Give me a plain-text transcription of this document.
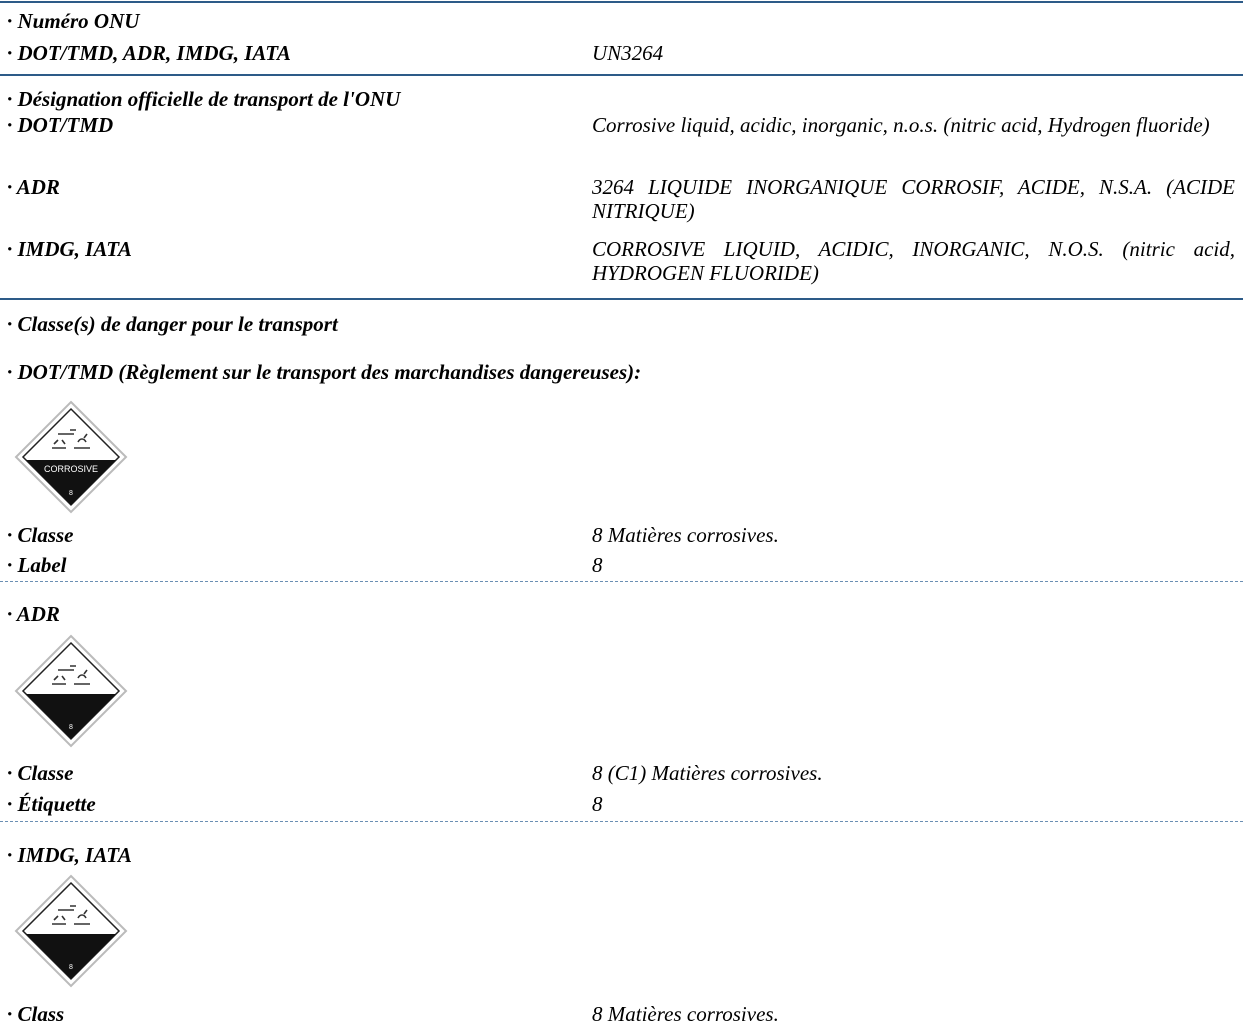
· Numéro ONU
· DOT/TMD, ADR, IMDG, IATA	UN3264
· Désignation officielle de transport de l'ONU
· DOT/TMD	Corrosive liquid, acidic, inorganic, n.o.s. (nitric acid, Hydrogen fluoride)
· ADR	3264 LIQUIDE INORGANIQUE CORROSIF, ACIDE, N.S.A. (ACIDE NITRIQUE)
· IMDG, IATA	CORROSIVE LIQUID, ACIDIC, INORGANIC, N.O.S. (nitric acid, HYDROGEN FLUORIDE)
· Classe(s) de danger pour le transport
· DOT/TMD (Règlement sur le transport des marchandises dangereuses):
CORROSIVE
8
· Classe	8 Matières corrosives.
· Label	8
· ADR
8
· Classe	8 (C1) Matières corrosives.
· Étiquette	8
· IMDG, IATA
8
· Class	8 Matières corrosives.
